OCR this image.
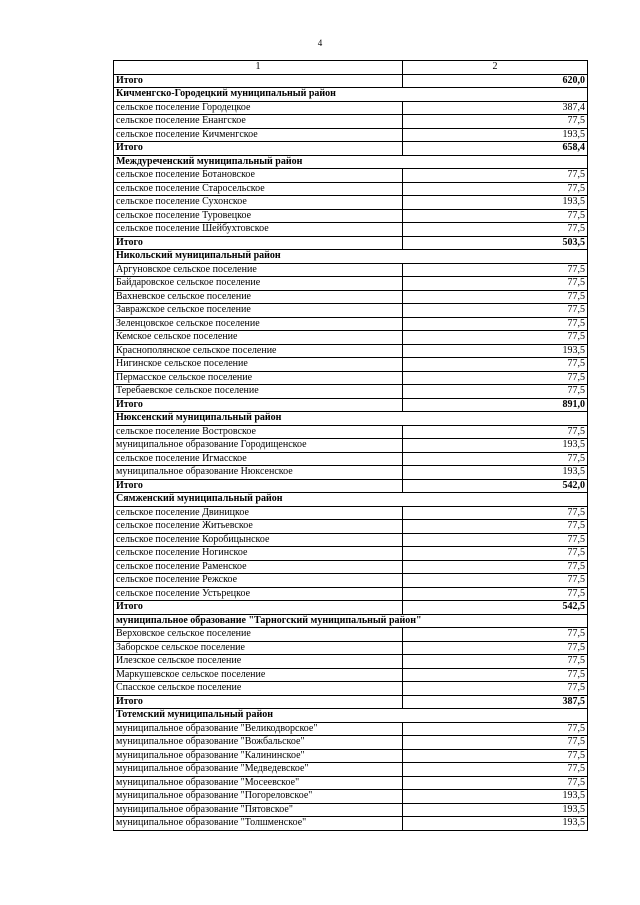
4
1	2
Итого	620,0
Кичменгско-Городецкий муниципальный район	
сельское поселение Городецкое	387,4
сельское поселение Енангское	77,5
сельское поселение Кичменгское	193,5
Итого	658,4
Междуреченский муниципальный район	
сельское поселение Ботановское	77,5
сельское поселение Старосельское	77,5
сельское поселение Сухонское	193,5
сельское поселение Туровецкое	77,5
сельское поселение Шейбухтовское	77,5
Итого	503,5
Никольский муниципальный район	
Аргуновское сельское поселение	77,5
Байдаровское сельское поселение	77,5
Вахневское сельское поселение	77,5
Завражское сельское поселение	77,5
Зеленцовское сельское поселение	77,5
Кемское сельское поселение	77,5
Краснополянское сельское поселение	193,5
Нигинское сельское поселение	77,5
Пермасское сельское поселение	77,5
Теребаевское сельское поселение	77,5
Итого	891,0
Нюксенский муниципальный район	
сельское поселение Востровское	77,5
муниципальное образование Городищенское	193,5
сельское поселение Игмасское	77,5
муниципальное образование Нюксенское	193,5
Итого	542,0
Сямженский муниципальный район	
сельское поселение Двиницкое	77,5
сельское поселение Житьевское	77,5
сельское поселение Коробицынское	77,5
сельское поселение Ногинское	77,5
сельское поселение Раменское	77,5
сельское поселение Режское	77,5
сельское поселение Устьрецкое	77,5
Итого	542,5
муниципальное образование "Тарногский муниципальный район"	
Верховское сельское поселение	77,5
Заборское сельское поселение	77,5
Илезское сельское поселение	77,5
Маркушевское сельское поселение	77,5
Спасское сельское поселение	77,5
Итого	387,5
Тотемский муниципальный район	
муниципальное образование "Великодворское"	77,5
муниципальное образование "Вожбальское"	77,5
муниципальное образование "Калининское"	77,5
муниципальное образование "Медведевское"	77,5
муниципальное образование "Мосеевское"	77,5
муниципальное образование "Погореловское"	193,5
муниципальное образование "Пятовское"	193,5
муниципальное образование "Толшменское"	193,5
